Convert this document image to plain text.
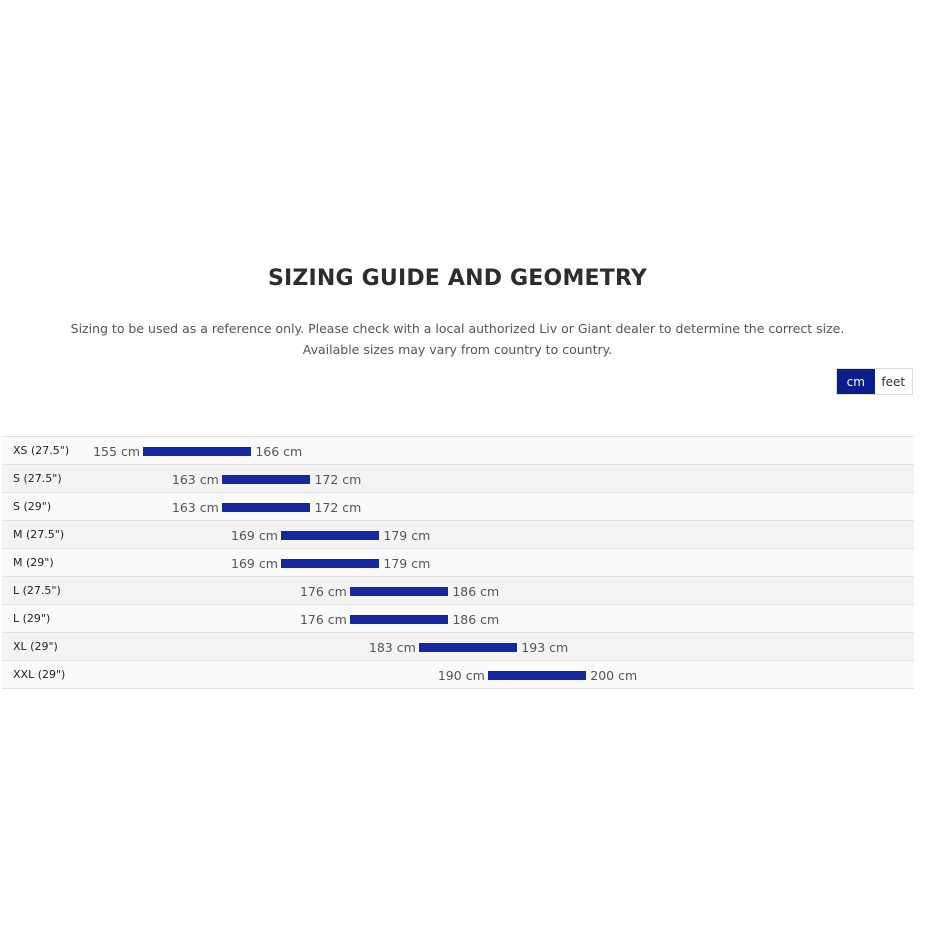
SIZING GUIDE AND GEOMETRY
Sizing to be used as a reference only. Please check with a local authorized Liv or Giant dealer to determine the correct size.
Available sizes may vary from country to country.
cm	feet
XS (27.5") 155 cm	166 cm
S (27.5")	163 cm	172 cm
S (29")	163 cm	172 cm
M (27.5")	169 cm	179 cm
M (29")	169 cm	179 cm
L (27.5")	176 cm	186 cm
L (29")	176 cm	186 cm
XL (29")	183 cm	193 cm
XXL (29")	190 cm	200 cm
